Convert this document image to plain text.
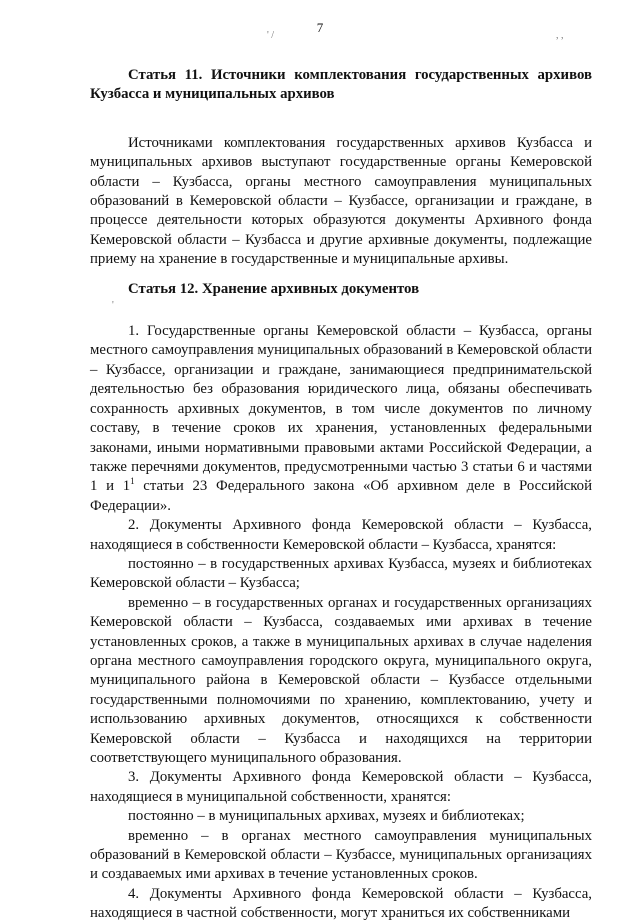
7
' /	, ,
'

Статья 11. Источники комплектования государственных архивов Кузбасса и муниципальных архивов

Источниками комплектования государственных архивов Кузбасса и муниципальных архивов выступают государственные органы Кемеровской области – Кузбасса, органы местного самоуправления муниципальных образований в Кемеровской области – Кузбассе, организации и граждане, в процессе деятельности которых образуются документы Архивного фонда Кемеровской области – Кузбасса и другие архивные документы, подлежащие приему на хранение в государственные и муниципальные архивы.

Статья 12. Хранение архивных документов

1. Государственные органы Кемеровской области – Кузбасса, органы местного самоуправления муниципальных образований в Кемеровской области – Кузбассе, организации и граждане, занимающиеся предпринимательской деятельностью без образования юридического лица, обязаны обеспечивать сохранность архивных документов, в том числе документов по личному составу, в течение сроков их хранения, установленных федеральными законами, иными нормативными правовыми актами Российской Федерации, а также перечнями документов, предусмотренными частью 3 статьи 6 и частями 1 и $1^1$ статьи 23 Федерального закона «Об архивном деле в Российской Федерации».

2. Документы Архивного фонда Кемеровской области – Кузбасса, находящиеся в собственности Кемеровской области – Кузбасса, хранятся:

постоянно – в государственных архивах Кузбасса, музеях и библиотеках Кемеровской области – Кузбасса;

временно – в государственных органах и государственных организациях Кемеровской области – Кузбасса, создаваемых ими архивах в течение установленных сроков, а также в муниципальных архивах в случае наделения органа местного самоуправления городского округа, муниципального округа, муниципального района в Кемеровской области – Кузбассе отдельными государственными полномочиями по хранению, комплектованию, учету и использованию архивных документов, относящихся к собственности Кемеровской области – Кузбасса и находящихся на территории соответствующего муниципального образования.

3. Документы Архивного фонда Кемеровской области – Кузбасса, находящиеся в муниципальной собственности, хранятся:

постоянно – в муниципальных архивах, музеях и библиотеках;

временно – в органах местного самоуправления муниципальных образований в Кемеровской области – Кузбассе, муниципальных организациях и создаваемых ими архивах в течение установленных сроков.

4. Документы Архивного фонда Кемеровской области – Кузбасса, находящиеся в частной собственности, могут храниться их собственниками
